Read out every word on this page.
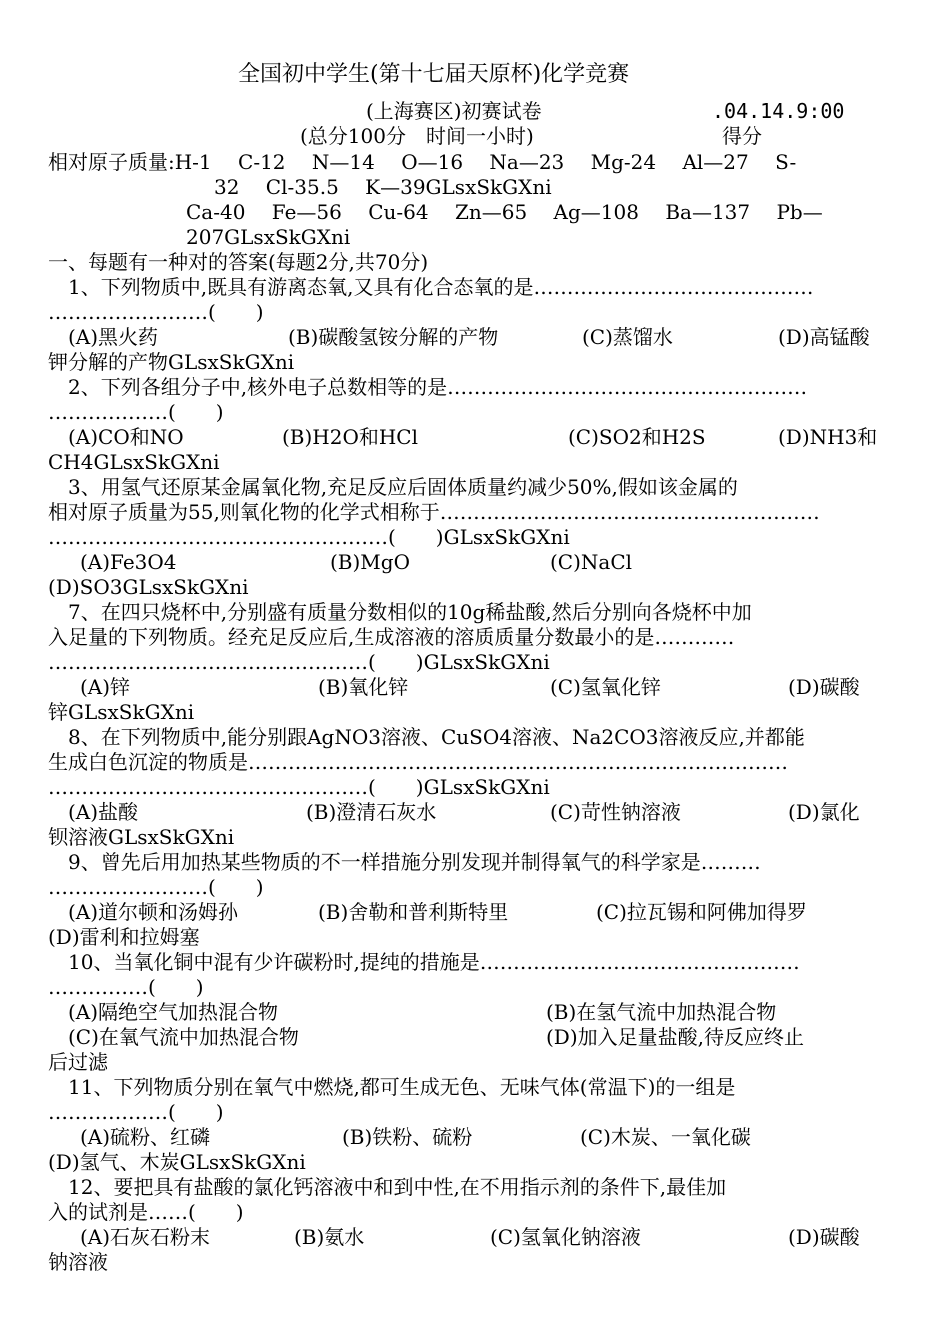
全国初中学生(第十七届天原杯)化学竞赛
(上海赛区)初赛试卷	.04.14.9:00
(总分100分　时间一小时)	得分
相对原子质量:H-1　 C-12　 N—14　 O—16　 Na—23　 Mg-24　 Al—27　 S-
32　 Cl-35.5　 K—39GLsxSkGXni
Ca-40　 Fe—56　 Cu-64　 Zn—65　 Ag—108　 Ba—137　 Pb—
207GLsxSkGXni
一、每题有一种对的答案(每题2分,共70分)
1、下列物质中,既具有游离态氧,又具有化合态氧的是……………………………………
……………………(　　)
(A)黑火药	(B)碳酸氢铵分解的产物	(C)蒸馏水	(D)高锰酸
钾分解的产物GLsxSkGXni
2、下列各组分子中,核外电子总数相等的是………………………………………………
………………(　　)
(A)CO和NO	(B)H2O和HCl	(C)SO2和H2S	(D)NH3和
CH4GLsxSkGXni
3、用氢气还原某金属氧化物,充足反应后固体质量约减少50%,假如该金属的
相对原子质量为55,则氧化物的化学式相称于…………………………………………………
……………………………………………(　　)GLsxSkGXni
(A)Fe3O4	(B)MgO	(C)NaCl
(D)SO3GLsxSkGXni
7、在四只烧杯中,分别盛有质量分数相似的10g稀盐酸,然后分别向各烧杯中加
入足量的下列物质。经充足反应后,生成溶液的溶质质量分数最小的是…………
…………………………………………(　　)GLsxSkGXni
(A)锌	(B)氧化锌	(C)氢氧化锌	(D)碳酸
锌GLsxSkGXni
8、在下列物质中,能分别跟AgNO3溶液、CuSO4溶液、Na2CO3溶液反应,并都能
生成白色沉淀的物质是………………………………………………………………………
…………………………………………(　　)GLsxSkGXni
(A)盐酸	(B)澄清石灰水	(C)苛性钠溶液	(D)氯化
钡溶液GLsxSkGXni
9、曾先后用加热某些物质的不一样措施分别发现并制得氧气的科学家是………
……………………(　　)
(A)道尔顿和汤姆孙	(B)舍勒和普利斯特里	(C)拉瓦锡和阿佛加得罗
(D)雷利和拉姆塞
10、当氧化铜中混有少许碳粉时,提纯的措施是…………………………………………
……………(　　)
(A)隔绝空气加热混合物	(B)在氢气流中加热混合物
(C)在氧气流中加热混合物	(D)加入足量盐酸,待反应终止
后过滤
11、下列物质分别在氧气中燃烧,都可生成无色、无味气体(常温下)的一组是
………………(　　)
(A)硫粉、红磷	(B)铁粉、硫粉	(C)木炭、一氧化碳
(D)氢气、木炭GLsxSkGXni
12、要把具有盐酸的氯化钙溶液中和到中性,在不用指示剂的条件下,最佳加
入的试剂是……(　　)
(A)石灰石粉末	(B)氨水	(C)氢氧化钠溶液	(D)碳酸
钠溶液
